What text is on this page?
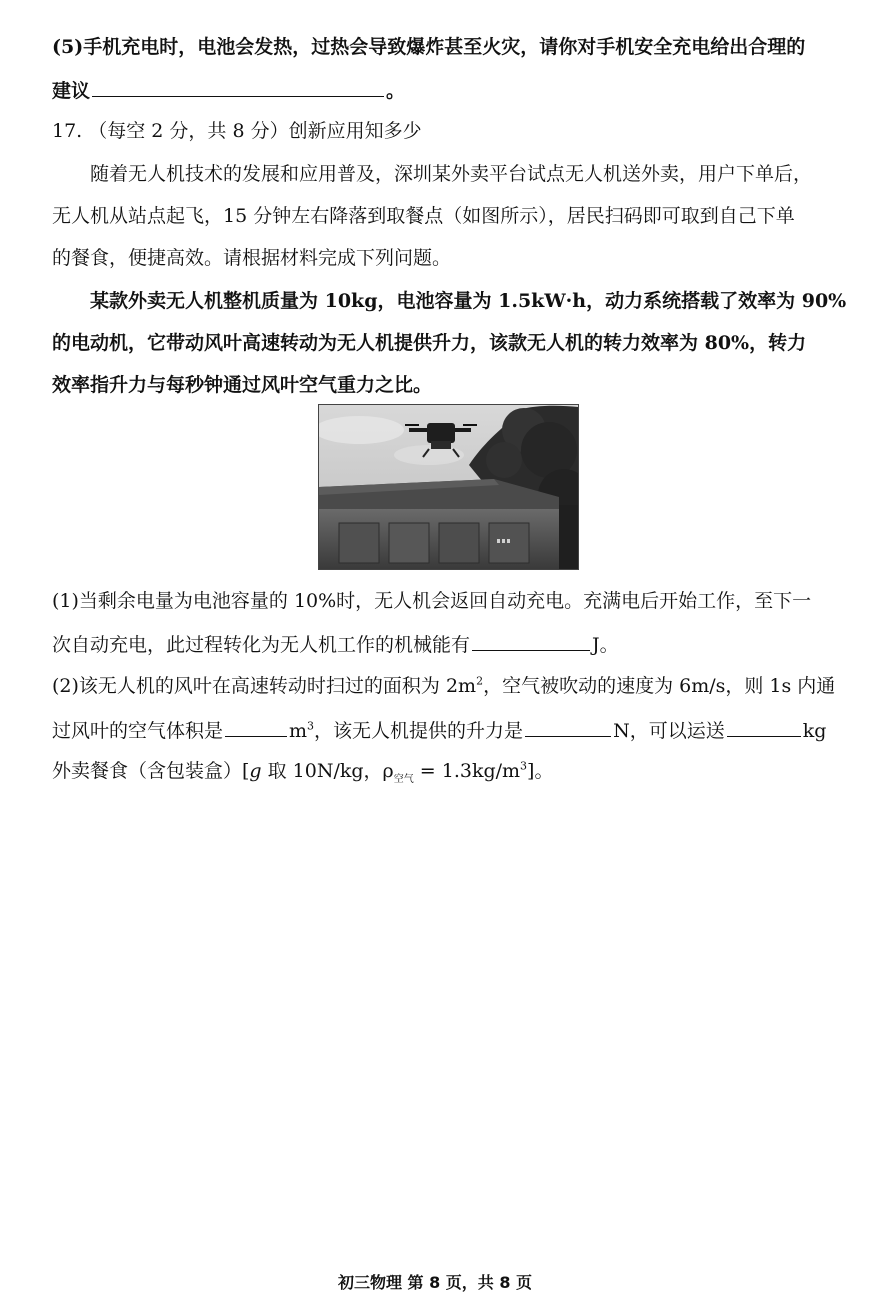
(5)手机充电时，电池会发热，过热会导致爆炸甚至火灾，请你对手机安全充电给出合理的
建议	。
17. （每空 2 分，共 8 分）创新应用知多少
随着无人机技术的发展和应用普及，深圳某外卖平台试点无人机送外卖，用户下单后，
无人机从站点起飞，15 分钟左右降落到取餐点（如图所示），居民扫码即可取到自己下单
的餐食，便捷高效。请根据材料完成下列问题。
某款外卖无人机整机质量为 10kg，电池容量为 1.5kW·h，动力系统搭载了效率为 90%
的电动机，它带动风叶高速转动为无人机提供升力，该款无人机的转力效率为 80%，转力
效率指升力与每秒钟通过风叶空气重力之比。
(1)当剩余电量为电池容量的 10%时，无人机会返回自动充电。充满电后开始工作，至下一
次自动充电，此过程转化为无人机工作的机械能有	J。
(2)该无人机的风叶在高速转动时扫过的面积为 $2m^2$，空气被吹动的速度为 6m/s，则 1s 内通
过风叶的空气体积是	$m^3$，该无人机提供的升力是	N，可以运送	kg
外卖餐食（含包装盒）[g 取 10N/kg，$\rho_{空气} = 1.3kg/m^3$]。
初三物理 第 8 页，共 8 页
